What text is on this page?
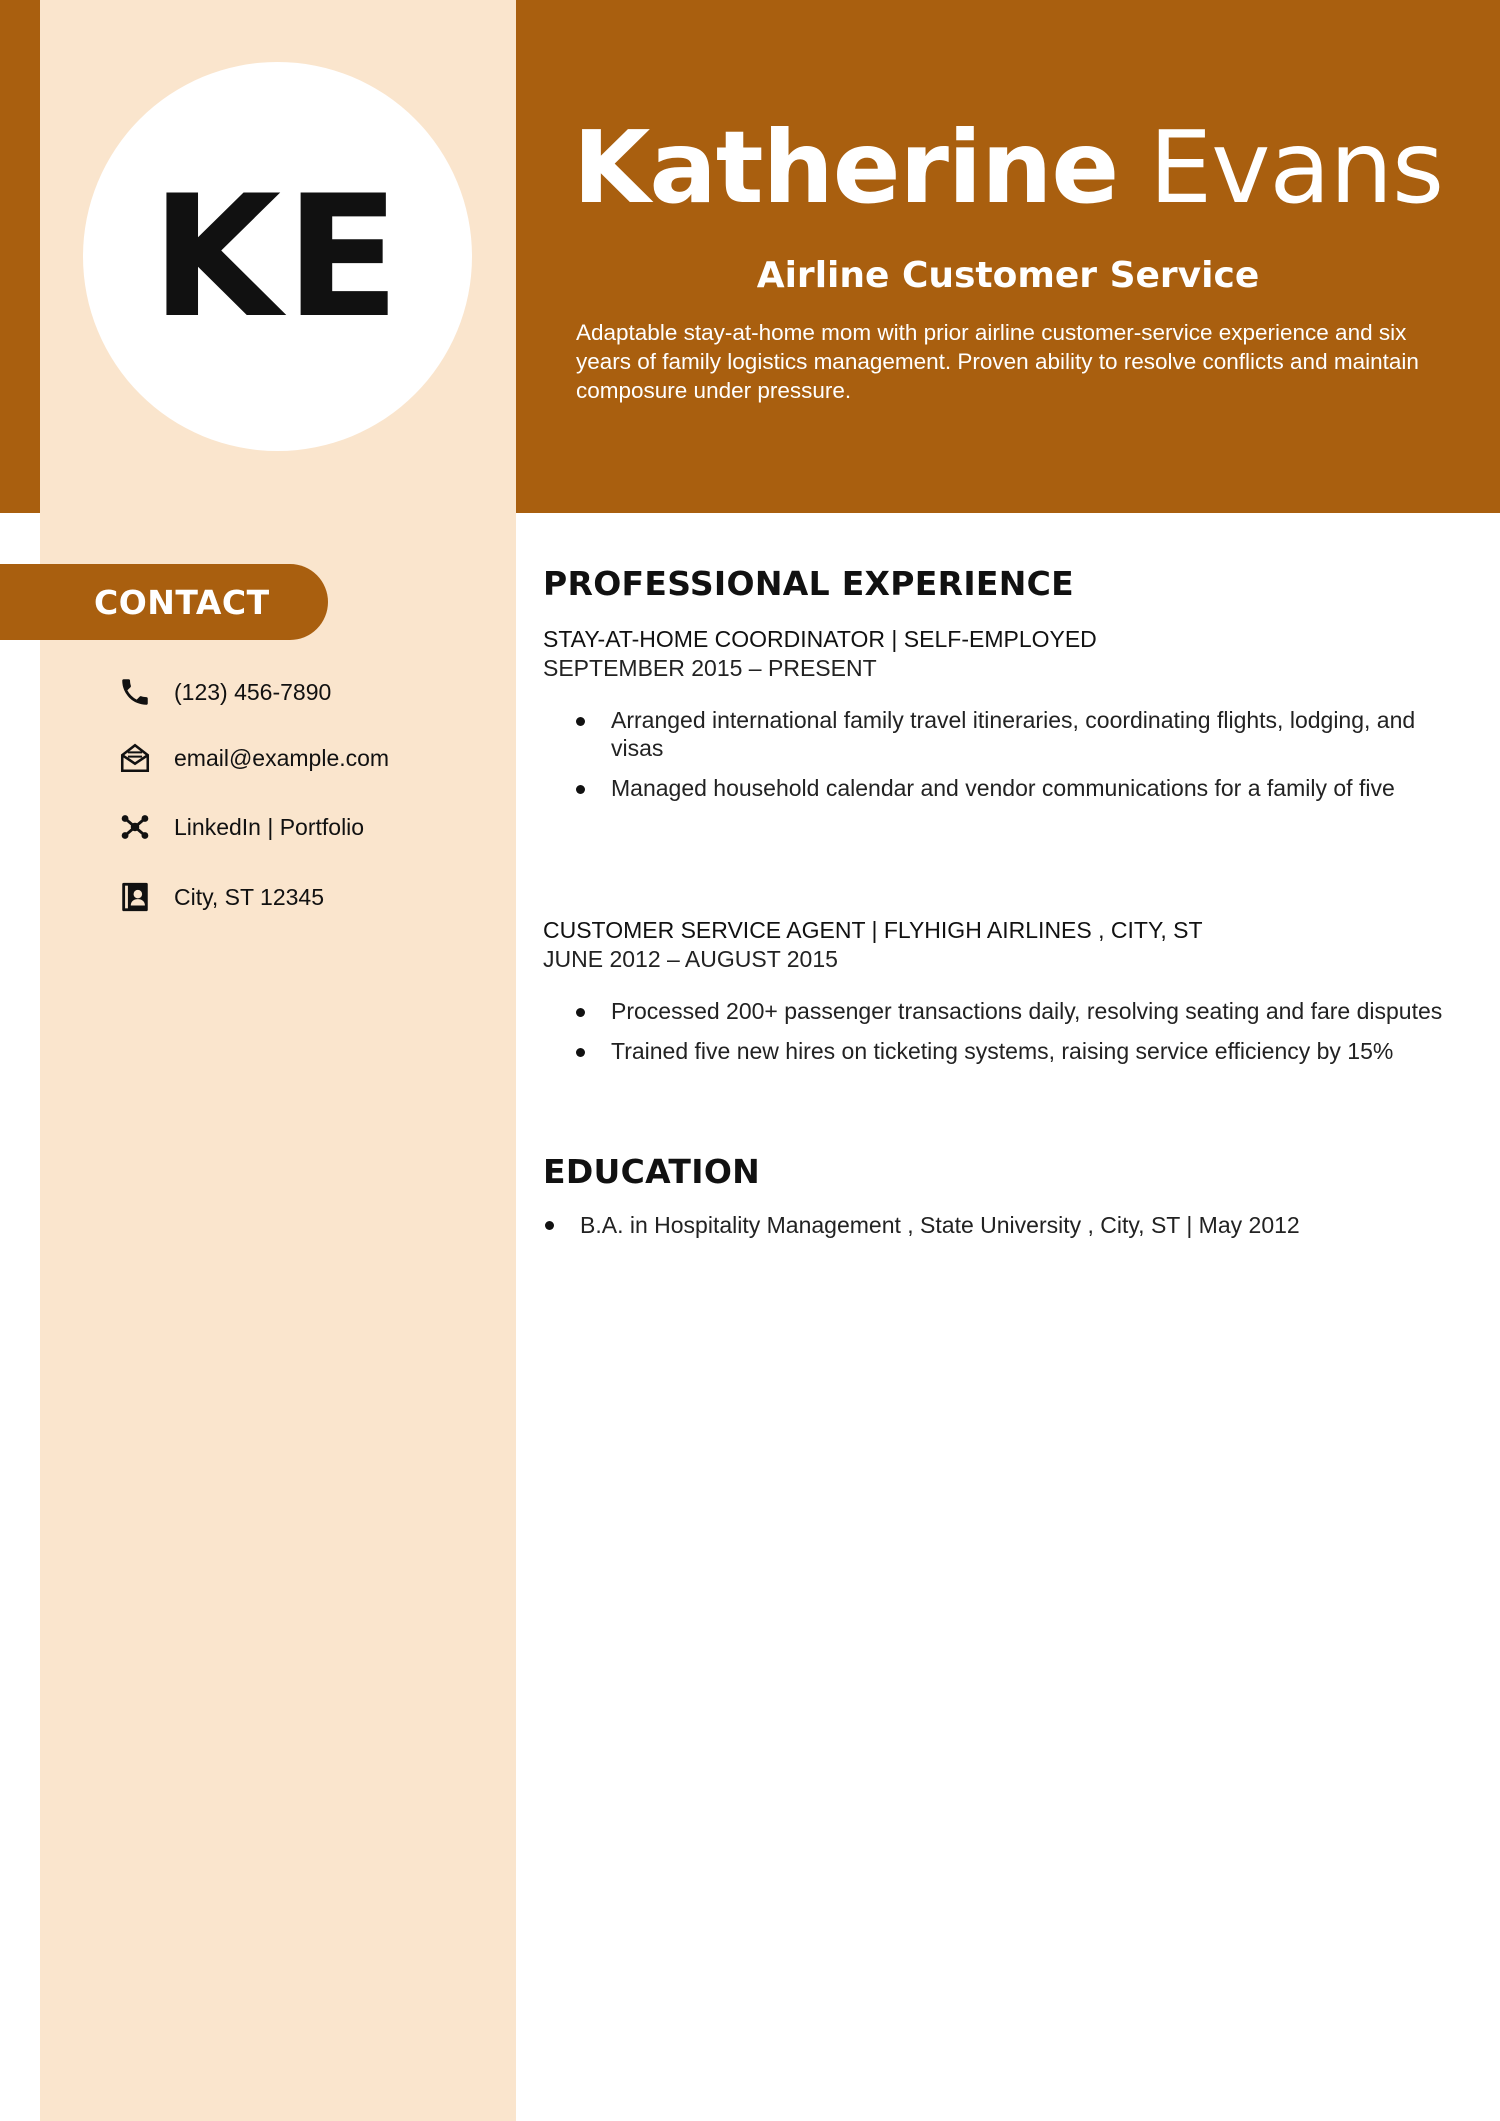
KE	Katherine Evans
Airline Customer Service
Adaptable stay-at-home mom with prior airline customer-service experience and six years of family logistics management. Proven ability to resolve conflicts and maintain composure under pressure.
CONTACT
(123) 456-7890
email@example.com
LinkedIn | Portfolio
City, ST 12345
PROFESSIONAL EXPERIENCE
STAY-AT-HOME COORDINATOR | SELF-EMPLOYED
SEPTEMBER 2015 – PRESENT
Arranged international family travel itineraries, coordinating flights, lodging, and visas
Managed household calendar and vendor communications for a family of five
CUSTOMER SERVICE AGENT | FLYHIGH AIRLINES , CITY, ST
JUNE 2012 – AUGUST 2015
Processed 200+ passenger transactions daily, resolving seating and fare disputes
Trained five new hires on ticketing systems, raising service efficiency by 15%
EDUCATION
B.A. in Hospitality Management , State University , City, ST | May 2012
